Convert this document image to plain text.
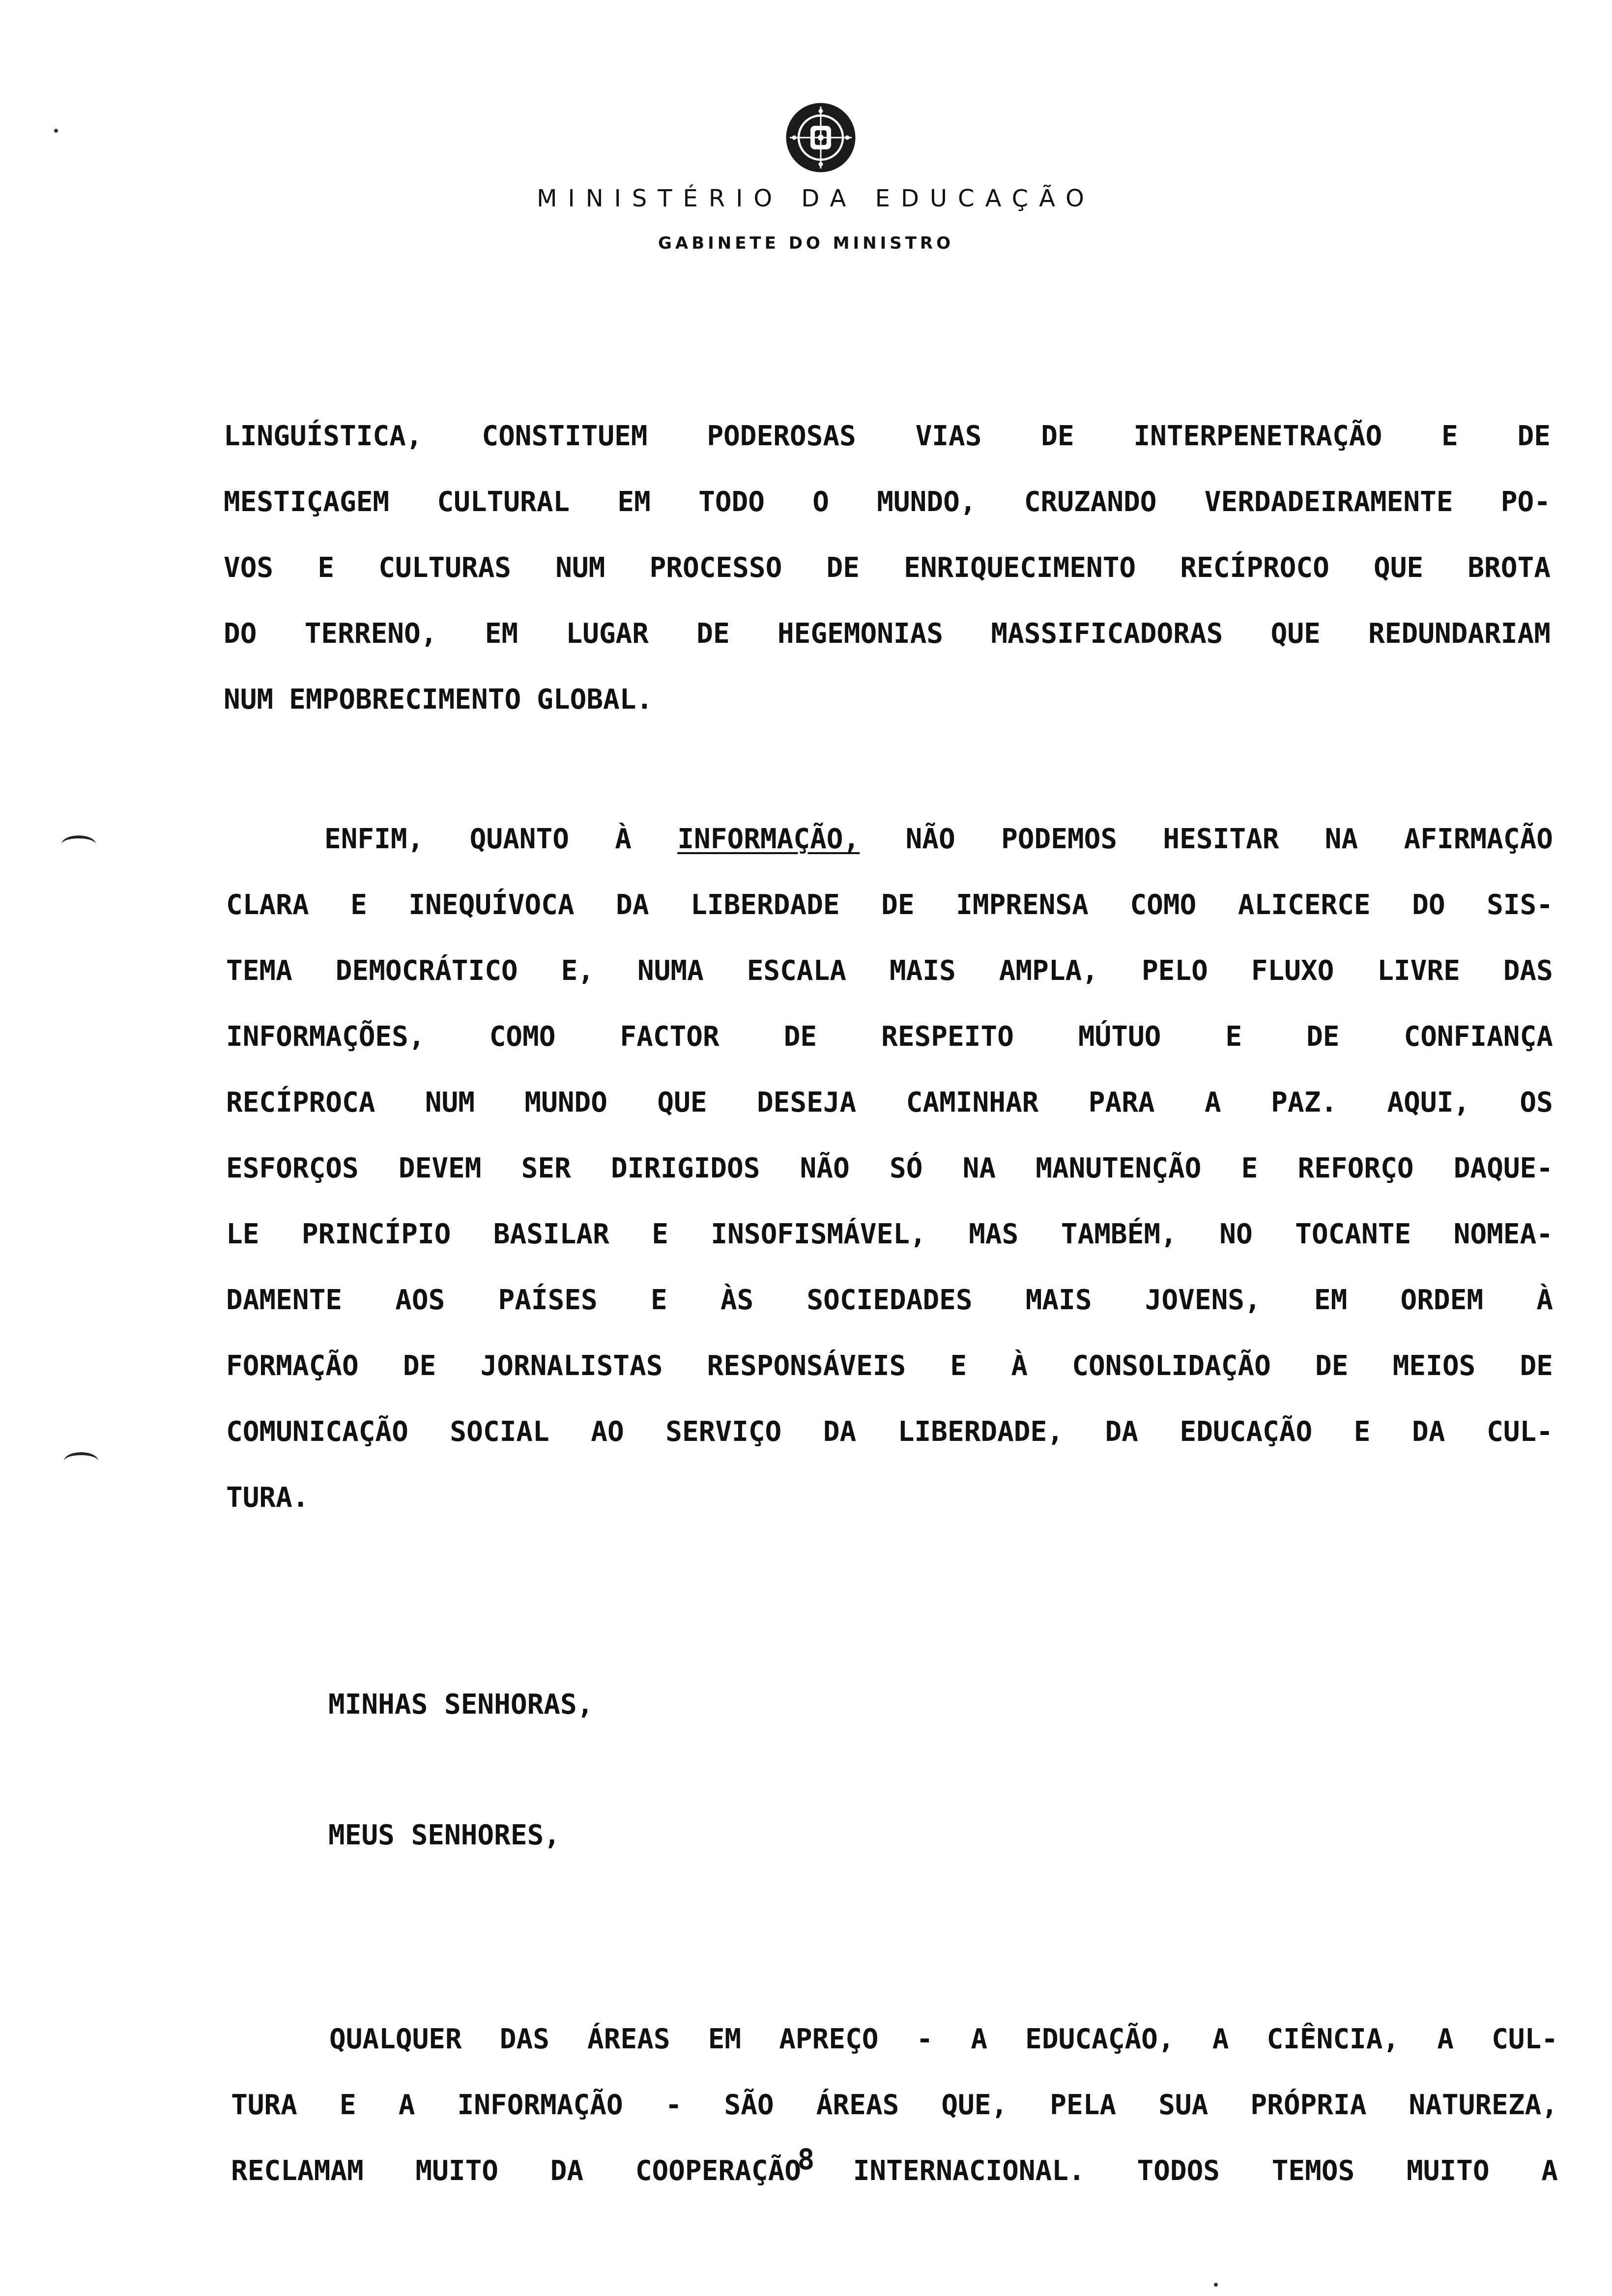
MINISTÉRIO DA EDUCAÇÃO
GABINETE DO MINISTRO
LINGUÍSTICA, CONSTITUEM PODEROSAS VIAS DE INTERPENETRAÇÃO E DE
MESTIÇAGEM CULTURAL EM TODO O MUNDO, CRUZANDO VERDADEIRAMENTE PO-
VOS E CULTURAS NUM PROCESSO DE ENRIQUECIMENTO RECÍPROCO QUE BROTA
DO TERRENO, EM LUGAR DE HEGEMONIAS MASSIFICADORAS QUE REDUNDARIAM
NUM EMPOBRECIMENTO GLOBAL.
ENFIM, QUANTO À INFORMAÇÃO, NÃO PODEMOS HESITAR NA AFIRMAÇÃO
CLARA E INEQUÍVOCA DA LIBERDADE DE IMPRENSA COMO ALICERCE DO SIS-
TEMA DEMOCRÁTICO E, NUMA ESCALA MAIS AMPLA, PELO FLUXO LIVRE DAS
INFORMAÇÕES, COMO FACTOR DE RESPEITO MÚTUO E DE CONFIANÇA
RECÍPROCA NUM MUNDO QUE DESEJA CAMINHAR PARA A PAZ. AQUI, OS
ESFORÇOS DEVEM SER DIRIGIDOS NÃO SÓ NA MANUTENÇÃO E REFORÇO DAQUE-
LE PRINCÍPIO BASILAR E INSOFISMÁVEL, MAS TAMBÉM, NO TOCANTE NOMEA-
DAMENTE AOS PAÍSES E ÀS SOCIEDADES MAIS JOVENS, EM ORDEM À
FORMAÇÃO DE JORNALISTAS RESPONSÁVEIS E À CONSOLIDAÇÃO DE MEIOS DE
COMUNICAÇÃO SOCIAL AO SERVIÇO DA LIBERDADE, DA EDUCAÇÃO E DA CUL-
TURA.
MINHAS SENHORAS,
MEUS SENHORES,
QUALQUER DAS ÁREAS EM APREÇO - A EDUCAÇÃO, A CIÊNCIA, A CUL-
TURA E A INFORMAÇÃO - SÃO ÁREAS QUE, PELA SUA PRÓPRIA NATUREZA,
RECLAMAM MUITO DA COOPERAÇÃO INTERNACIONAL. TODOS TEMOS MUITO A
8
